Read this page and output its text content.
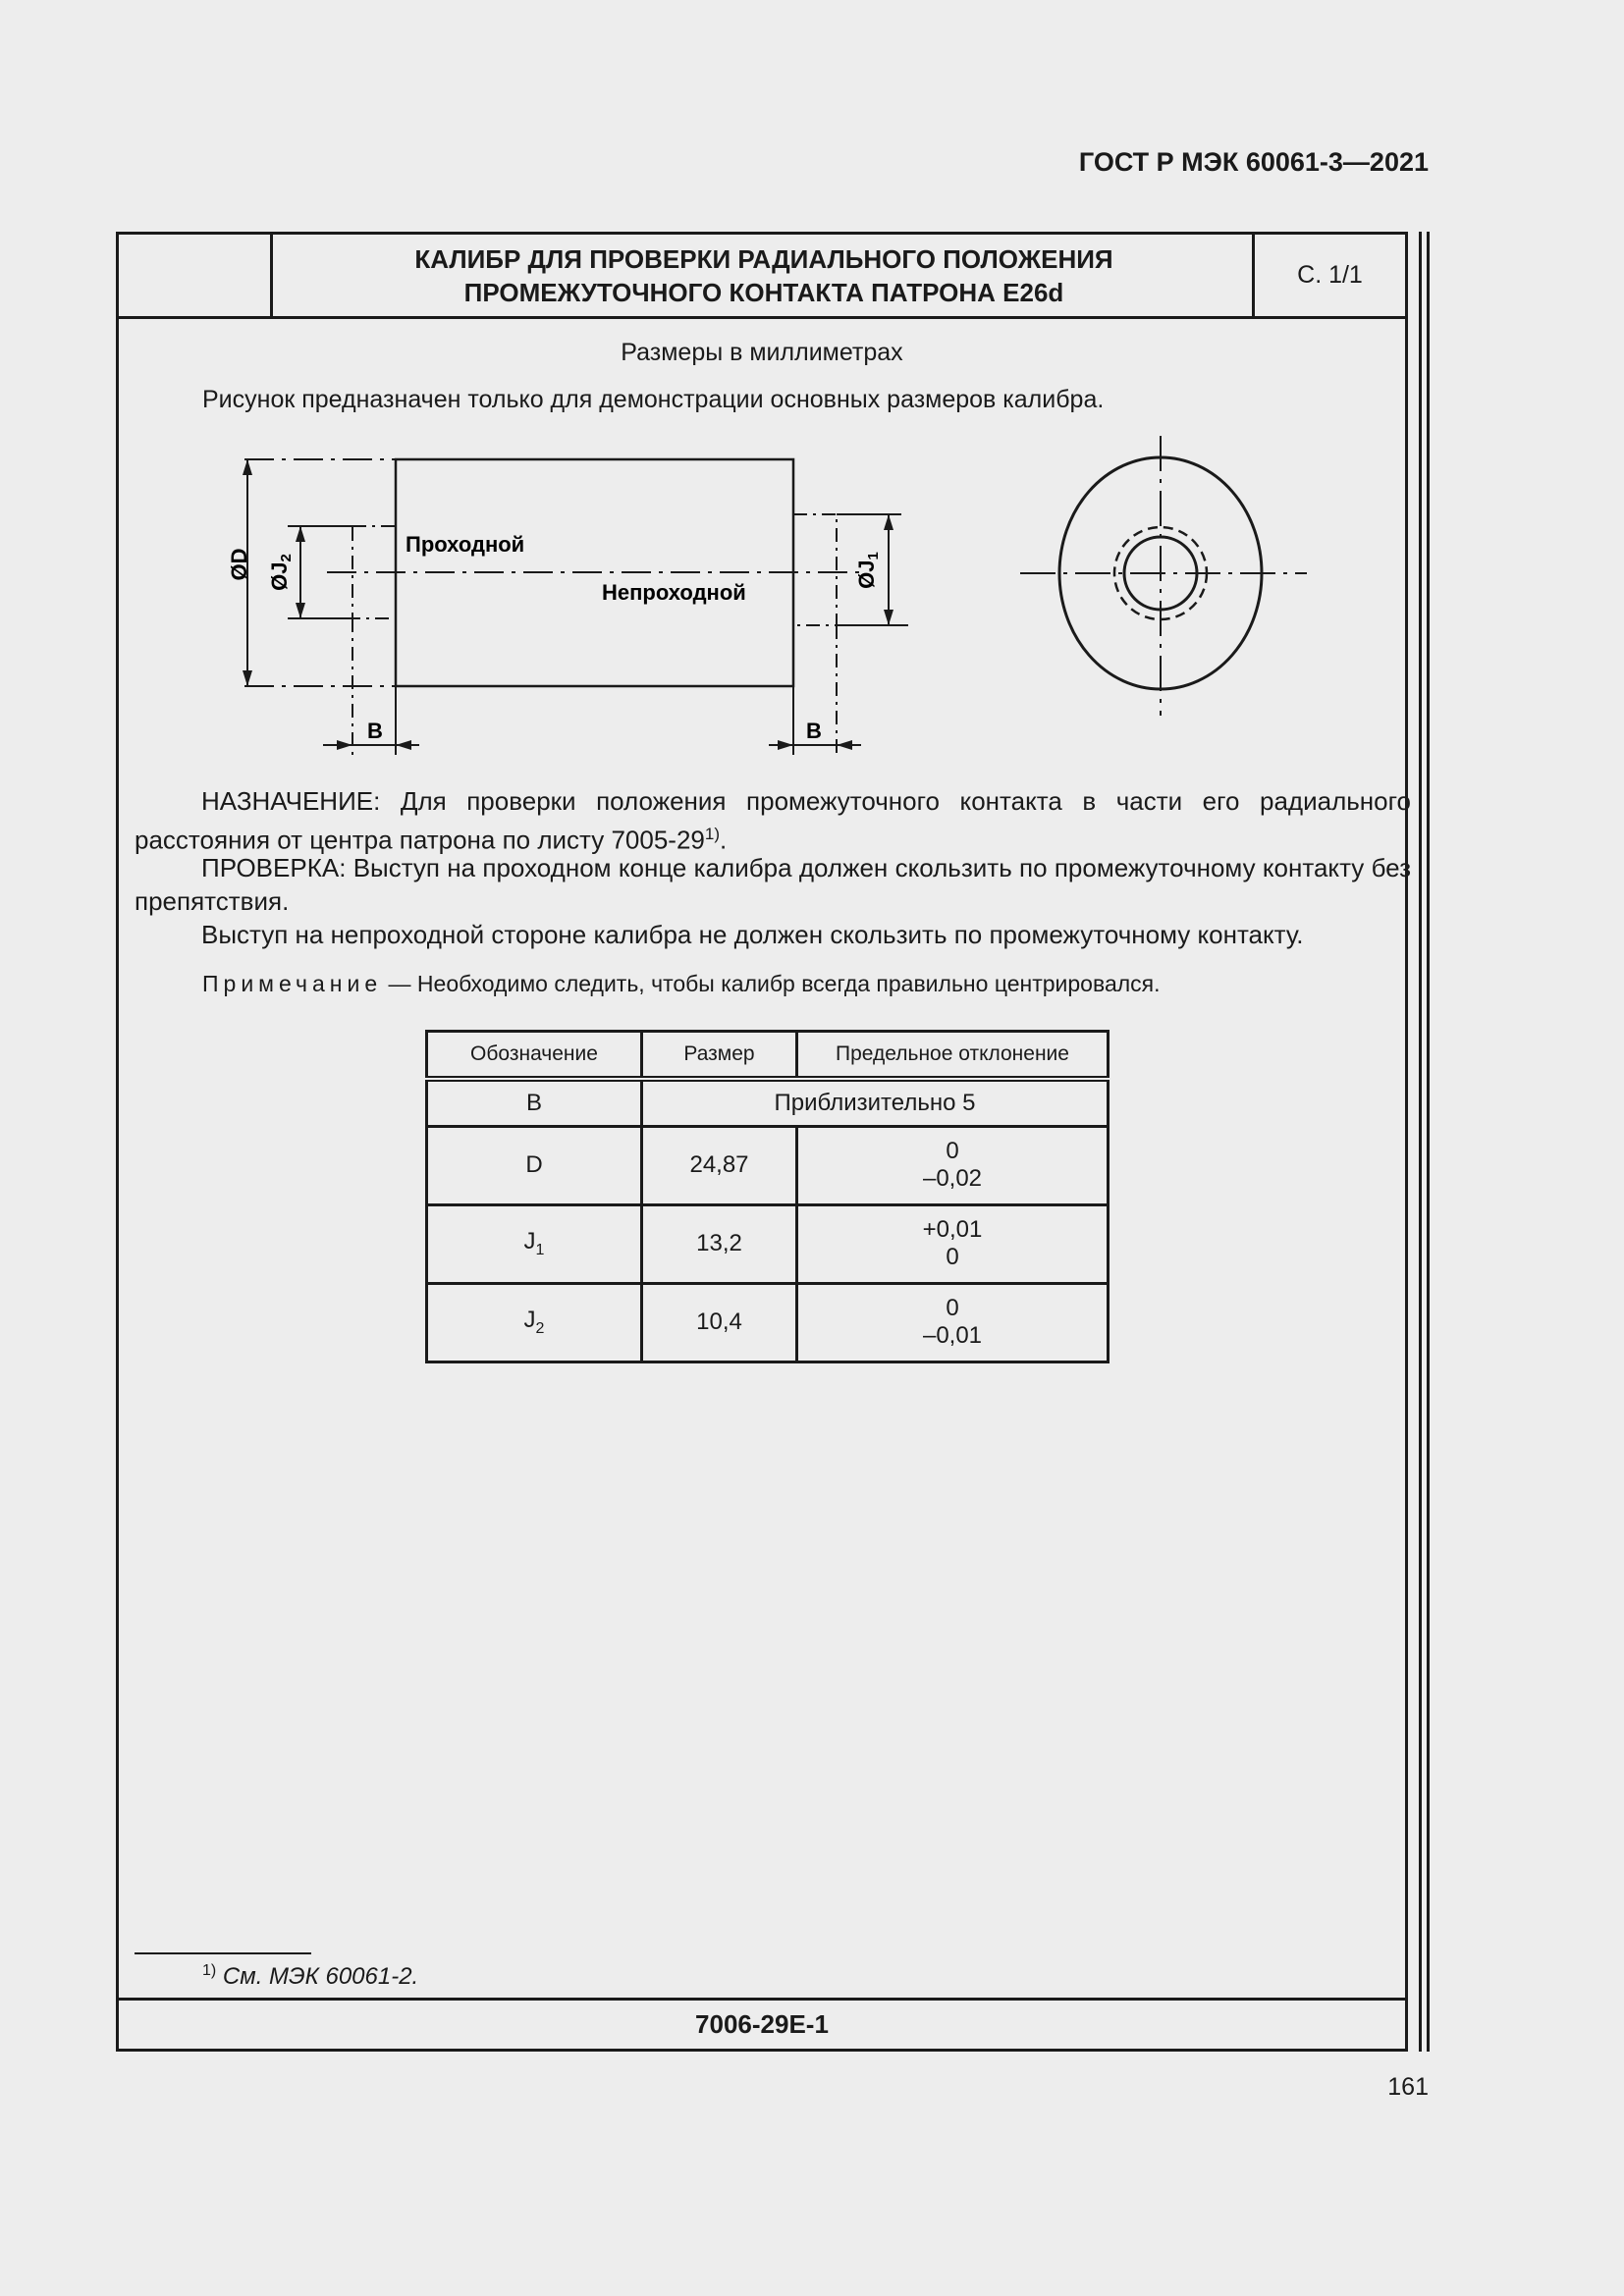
ГОСТ Р МЭК 60061-3—2021
КАЛИБР ДЛЯ ПРОВЕРКИ РАДИАЛЬНОГО ПОЛОЖЕНИЯ
ПРОМЕЖУТОЧНОГО КОНТАКТА ПАТРОНА E26d
С. 1/1
Размеры в миллиметрах
Рисунок предназначен только для демонстрации основных размеров калибра.
ØD ØJ2
ØJ1
Проходной
Непроходной
B	B
НАЗНАЧЕНИЕ: Для проверки положения промежуточного контакта в части его радиального расстояния от центра патрона по листу 7005-29$^{1)}$.
ПРОВЕРКА: Выступ на проходном конце калибра должен скользить по промежуточному контакту без препятствия.
Выступ на непроходной стороне калибра не должен скользить по промежуточному контакту.
Примечание — Необходимо следить, чтобы калибр всегда правильно центрировался.
Обозначение	Размер	Предельное отклонение
B	Приблизительно 5	
D	24,87	0
–0,02

$J_1$	13,2	+0,01
0

$J_2$	10,4	0
–0,01
$^{1)}$ См. МЭК 60061-2.
7006-29E-1
161
